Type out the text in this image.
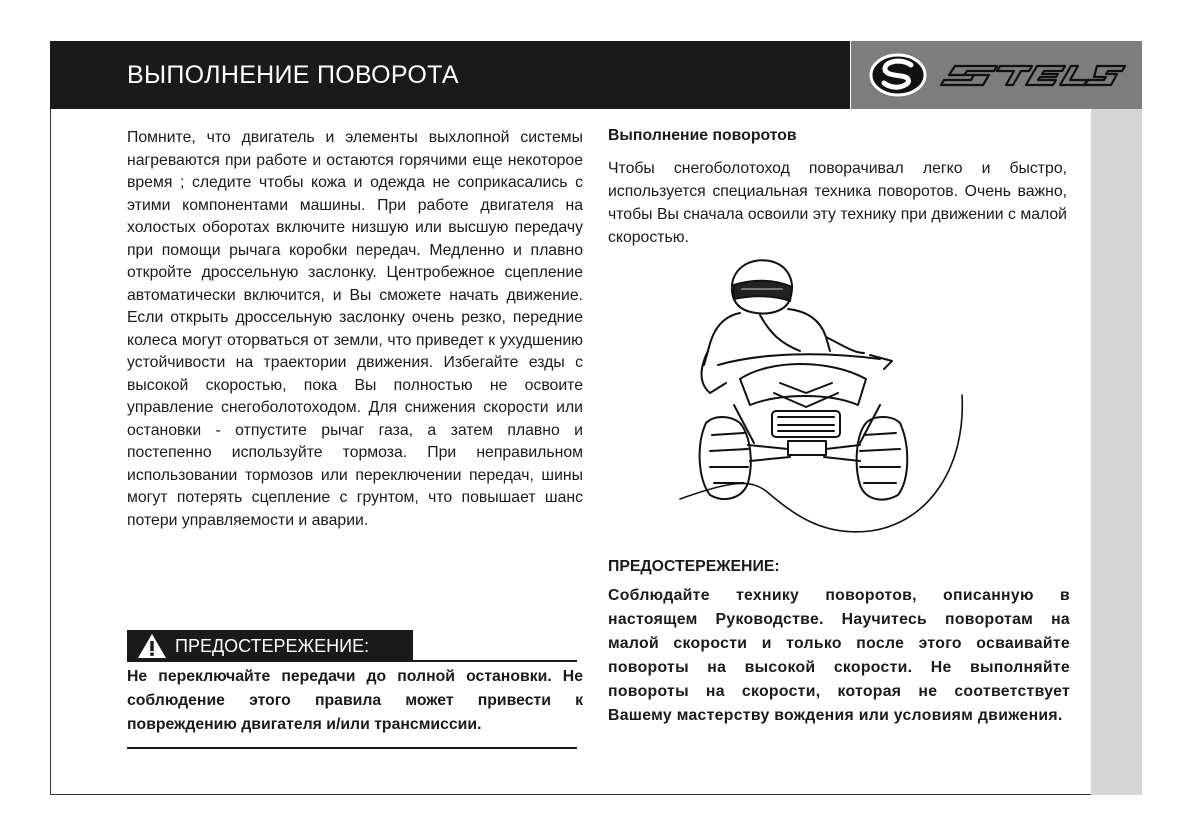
ВЫПОЛНЕНИЕ ПОВОРОТА
Помните, что двигатель и элементы выхлопной системы нагреваются при работе и остаются горячими еще некоторое время ; следите чтобы кожа и одежда не соприкасались с этими компонентами машины. При работе двигателя на холостых оборотах включите низшую или высшую передачу при помощи рычага коробки передач. Медленно и плавно откройте дроссельную заслонку. Центробежное сцепление автоматически включится, и Вы сможете начать движение. Если открыть дроссельную заслонку очень резко, передние колеса могут оторваться от земли, что приведет к ухудшению устойчивости на траектории движения. Избегайте езды с высокой скоростью, пока Вы полностью не освоите управление снегоболотоходом. Для снижения скорости или остановки - отпустите рычаг газа, а затем плавно и постепенно используйте тормоза. При неправильном использовании тормозов или переключении передач, шины могут потерять сцепление с грунтом, что повышает шанс потери управляемости и аварии.
ПРЕДОСТЕРЕЖЕНИЕ:
Не переключайте передачи до полной остановки. Не соблюдение этого правила может привести к повреждению двигателя и/или трансмиссии.
Выполнение поворотов
Чтобы снегоболотоход поворачивал легко и быстро, используется специальная техника поворотов. Очень важно, чтобы Вы сначала освоили эту технику при движении с малой скоростью.
ПРЕДОСТЕРЕЖЕНИЕ:
Соблюдайте технику поворотов, описанную в настоящем Руководстве. Научитесь поворотам на малой скорости и только после этого осваивайте повороты на высокой скорости. Не выполняйте повороты на скорости, которая не соответствует Вашему мастерству вождения или условиям движения.
